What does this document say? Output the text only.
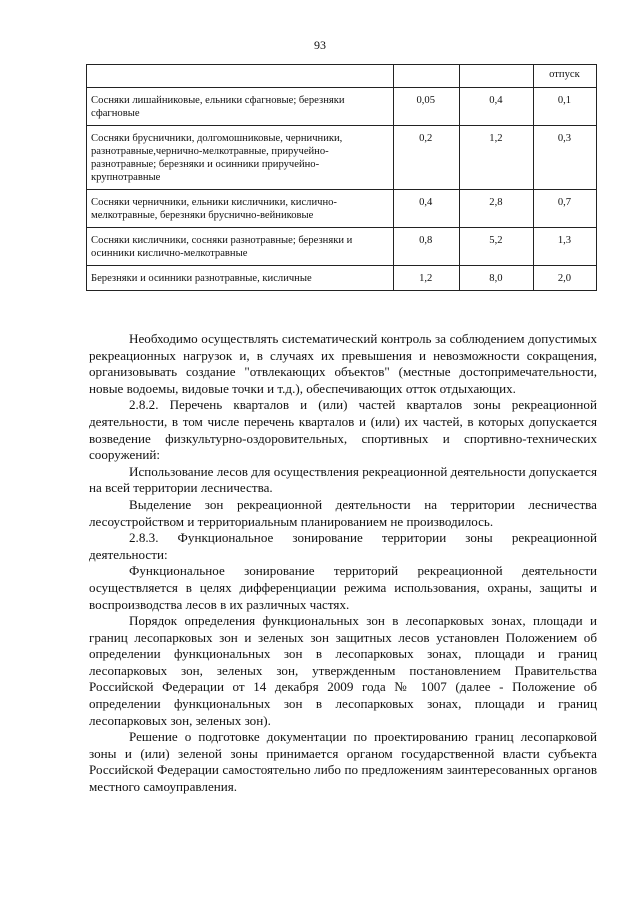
93
			отпуск
Сосняки лишайниковые, ельники сфагновые; березняки сфагновые	0,05	0,4	0,1
Сосняки брусничники, долгомошниковые, черничники, разнотравные,чернично-мелкотравные, приручейно-разнотравные; березняки и осинники приручейно-крупнотравные	0,2	1,2	0,3
Сосняки черничники, ельники кисличники, кислично-мелкотравные, березняки бруснично-вейниковые	0,4	2,8	0,7
Сосняки кисличники, сосняки разнотравные; березняки и осинники кислично-мелкотравные	0,8	5,2	1,3
Березняки и осинники разнотравные, кисличные	1,2	8,0	2,0

Необходимо осуществлять систематический контроль за соблюдением допустимых рекреационных нагрузок и, в случаях их превышения и невозможности сокращения, организовывать создание "отвлекающих объектов" (местные достопримечательности, новые водоемы, видовые точки и т.д.), обеспечивающих отток отдыхающих.

2.8.2. Перечень кварталов и (или) частей кварталов зоны рекреационной деятельности, в том числе перечень кварталов и (или) их частей, в которых допускается возведение физкультурно-оздоровительных, спортивных и спортивно-технических сооружений:

Использование лесов для осуществления рекреационной деятельности допускается на всей территории лесничества.

Выделение зон рекреационной деятельности на территории лесничества лесоустройством и территориальным планированием не производилось.

2.8.3. Функциональное зонирование территории зоны рекреационной деятельности:

Функциональное зонирование территорий рекреационной деятельности осуществляется в целях дифференциации режима использования, охраны, защиты и воспроизводства лесов в их различных частях.

Порядок определения функциональных зон в лесопарковых зонах, площади и границ лесопарковых зон и зеленых зон защитных лесов установлен Положением об определении функциональных зон в лесопарковых зонах, площади и границ лесопарковых зон, зеленых зон, утвержденным постановлением Правительства Российской Федерации от 14 декабря 2009 года № 1007 (далее - Положение об определении функциональных зон в лесопарковых зонах, площади и границ лесопарковых зон, зеленых зон).

Решение о подготовке документации по проектированию границ лесопарковой зоны и (или) зеленой зоны принимается органом государственной власти субъекта Российской Федерации самостоятельно либо по предложениям заинтересованных органов местного самоуправления.
